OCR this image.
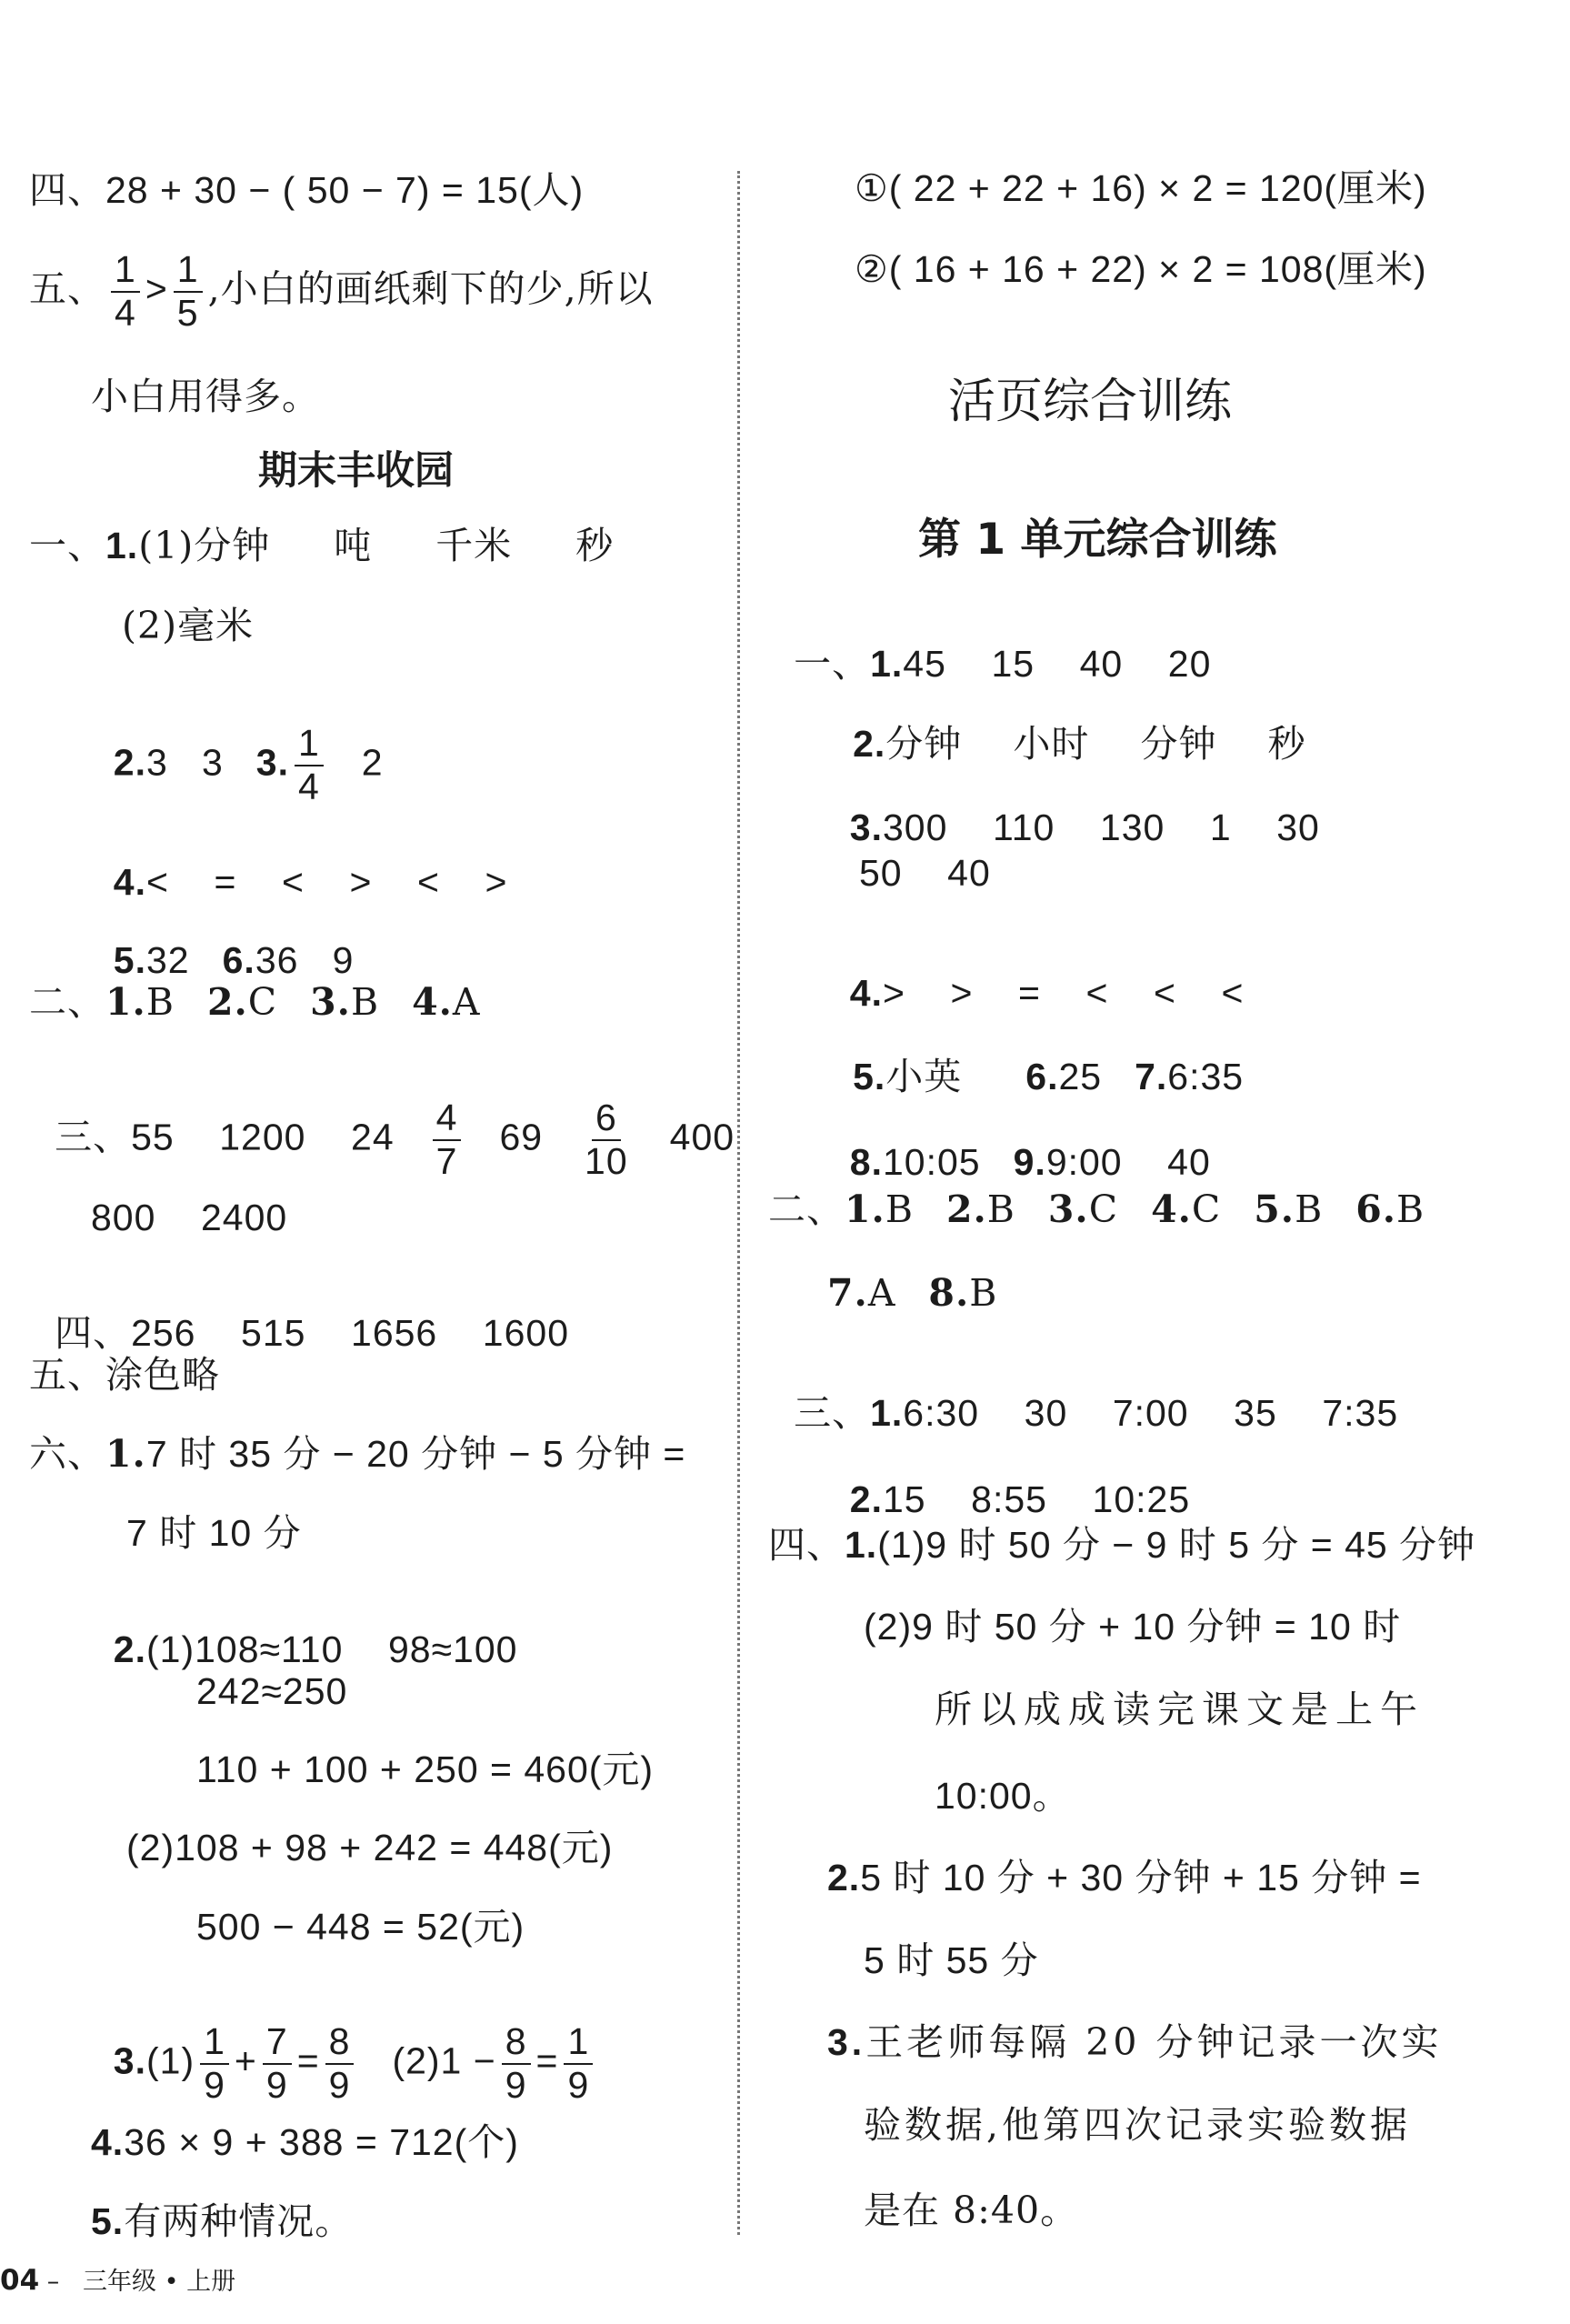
四、28 + 30 − ( 50 − 7) = 15(人)
五、 $\frac{1}{4} > \frac{1}{5}$ ,小白的画纸剩下的少,所以
小白用得多。
期末丰收园
一、1.(1)分钟 吨 千米 秒
(2)毫米

2.3   3 3. $\frac{1}{4} 2$

4.<    =    <    >    <    >

5.32 6.36   9

二、1.B 2.C 3.B 4.A

三、55    1200    $24 \frac{4}{7} 69 \frac{6}{10} 400$

800    2400

四、256    515    1656    1600

五、涂色略
六、1.7 时 35 分 − 20 分钟 − 5 分钟 =
7 时 10 分

2.(1)108≈110    98≈100

242≈250
110 + 100 + 250 = 460(元)
(2)108 + 98 + 242 = 448(元)
500 − 448 = 52(元)

$3.(1) \frac{1}{9} + \frac{7}{9} = \frac{8}{9} (2)1 - \frac{8}{9} = \frac{1}{9}$

4.36 × 9 + 388 = 712(个)
5.有两种情况。
①( 22 + 22 + 16) × 2 = 120(厘米)
②( 16 + 16 + 22) × 2 = 108(厘米)
活页综合训练
第 1 单元综合训练

一、1.45    15    40    20

2.分钟    小时    分钟    秒

3.300    110    130    1    30

50    40

4.>    >    =    <    <    <

5.小英 6.25 7.6:35

8.10:05 9.9:00    40

二、1.B 2.B 3.C 4.C 5.B 6.B
7.A 8.B

三、1.6:30    30    7:00    35    7:35

2.15    8:55    10:25

四、1.(1)9 时 50 分 − 9 时 5 分 = 45 分钟
(2)9 时 50 分 + 10 分钟 = 10 时
所以成成读完课文是上午
10:00。
2.5 时 10 分 + 30 分钟 + 15 分钟 =
5 时 55 分
3.王老师每隔 20 分钟记录一次实
验数据,他第四次记录实验数据
是在 8:40。
04 – 三年级 • 上册
